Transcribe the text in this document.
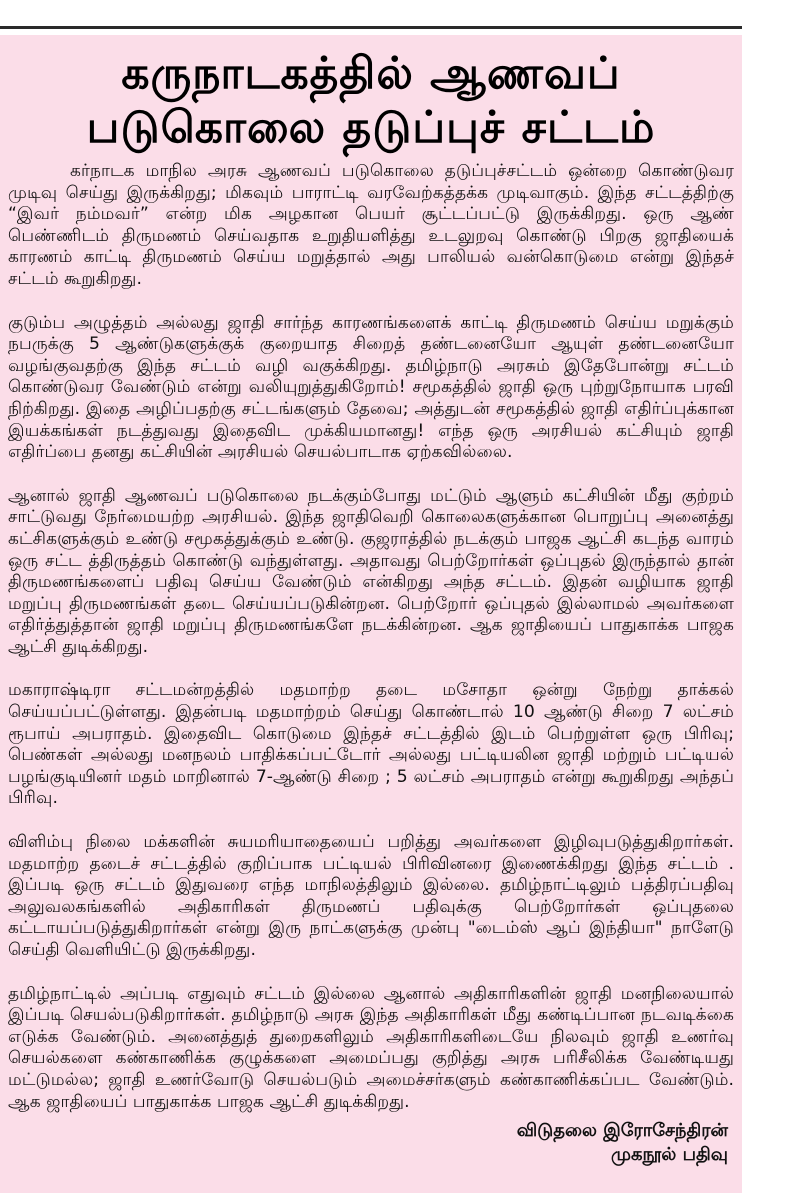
கருநாடகத்தில் ஆணவப்
படுகொலை தடுப்புச் சட்டம்

கர்நாடக மாநில அரசு ஆணவப் படுகொலை தடுப்புச்சட்டம் ஒன்றை கொண்டுவர முடிவு செய்து இருக்கிறது; மிகவும் பாராட்டி வரவேற்கத்தக்க முடிவாகும். இந்த சட்டத்திற்கு “இவர் நம்மவர்” என்ற மிக அழகான பெயர் சூட்டப்பட்டு இருக்கிறது. ஒரு ஆண் பெண்ணிடம் திருமணம் செய்வதாக உறுதியளித்து உடலுறவு கொண்டு பிறகு ஜாதியைக் காரணம் காட்டி திருமணம் செய்ய மறுத்தால் அது பாலியல் வன்கொடுமை என்று இந்தச் சட்டம் கூறுகிறது.

குடும்ப அழுத்தம் அல்லது ஜாதி சார்ந்த காரணங்களைக் காட்டி திருமணம் செய்ய மறுக்கும் நபருக்கு 5 ஆண்டுகளுக்குக் குறையாத சிறைத் தண்டனையோ ஆயுள் தண்டனையோ வழங்குவதற்கு இந்த சட்டம் வழி வகுக்கிறது. தமிழ்நாடு அரசும் இதேபோன்று சட்டம் கொண்டுவர வேண்டும் என்று வலியுறுத்துகிறோம்! சமூகத்தில் ஜாதி ஒரு புற்றுநோயாக பரவி நிற்கிறது. இதை அழிப்பதற்கு சட்டங்களும் தேவை; அத்துடன் சமூகத்தில் ஜாதி எதிர்ப்புக்கான இயக்கங்கள் நடத்துவது இதைவிட முக்கியமானது! எந்த ஒரு அரசியல் கட்சியும் ஜாதி எதிர்ப்பை தனது கட்சியின் அரசியல் செயல்பாடாக ஏற்கவில்லை.

ஆனால் ஜாதி ஆணவப் படுகொலை நடக்கும்போது மட்டும் ஆளும் கட்சியின் மீது குற்றம் சாட்டுவது நேர்மையற்ற அரசியல். இந்த ஜாதிவெறி கொலைகளுக்கான பொறுப்பு அனைத்து கட்சிகளுக்கும் உண்டு சமூகத்துக்கும் உண்டு. குஜராத்தில் நடக்கும் பாஜக ஆட்சி கடந்த வாரம் ஒரு சட்ட த்திருத்தம் கொண்டு வந்துள்ளது. அதாவது பெற்றோர்கள் ஒப்புதல் இருந்தால் தான் திருமணங்களைப் பதிவு செய்ய வேண்டும் என்கிறது அந்த சட்டம். இதன் வழியாக ஜாதி மறுப்பு திருமணங்கள் தடை செய்யப்படுகின்றன. பெற்றோர் ஒப்புதல் இல்லாமல் அவர்களை எதிர்த்துத்தான் ஜாதி மறுப்பு திருமணங்களே நடக்கின்றன. ஆக ஜாதியைப் பாதுகாக்க பாஜக ஆட்சி துடிக்கிறது.

மகாராஷ்டிரா சட்டமன்றத்தில் மதமாற்ற தடை மசோதா ஒன்று நேற்று தாக்கல் செய்யப்பட்டுள்ளது. இதன்படி மதமாற்றம் செய்து கொண்டால் 10 ஆண்டு சிறை 7 லட்சம் ரூபாய் அபராதம். இதைவிட கொடுமை இந்தச் சட்டத்தில் இடம் பெற்றுள்ள ஒரு பிரிவு; பெண்கள் அல்லது மனநலம் பாதிக்கப்பட்டோர் அல்லது பட்டியலின ஜாதி மற்றும் பட்டியல் பழங்குடியினர் மதம் மாறினால் 7-ஆண்டு சிறை ; 5 லட்சம் அபராதம் என்று கூறுகிறது அந்தப் பிரிவு.

விளிம்பு நிலை மக்களின் சுயமரியாதையைப் பறித்து அவர்களை இழிவுபடுத்துகிறார்கள். மதமாற்ற தடைச் சட்டத்தில் குறிப்பாக பட்டியல் பிரிவினரை இணைக்கிறது இந்த சட்டம் . இப்படி ஒரு சட்டம் இதுவரை எந்த மாநிலத்திலும் இல்லை. தமிழ்நாட்டிலும் பத்திரப்பதிவு அலுவலகங்களில் அதிகாரிகள் திருமணப் பதிவுக்கு பெற்றோர்கள் ஒப்புதலை கட்டாயப்படுத்துகிறார்கள் என்று இரு நாட்களுக்கு முன்பு "டைம்ஸ் ஆப் இந்தியா" நாளேடு செய்தி வெளியிட்டு இருக்கிறது.

தமிழ்நாட்டில் அப்படி எதுவும் சட்டம் இல்லை ஆனால் அதிகாரிகளின் ஜாதி மனநிலையால் இப்படி செயல்படுகிறார்கள். தமிழ்நாடு அரசு இந்த அதிகாரிகள் மீது கண்டிப்பான நடவடிக்கை எடுக்க வேண்டும். அனைத்துத் துறைகளிலும் அதிகாரிகளிடையே நிலவும் ஜாதி உணர்வு செயல்களை கண்காணிக்க குழுக்களை அமைப்பது குறித்து அரசு பரிசீலிக்க வேண்டியது மட்டுமல்ல; ஜாதி உணர்வோடு செயல்படும் அமைச்சர்களும் கண்காணிக்கப்பட வேண்டும். ஆக ஜாதியைப் பாதுகாக்க பாஜக ஆட்சி துடிக்கிறது.

விடுதலை இரோசேந்திரன்
முகநூல் பதிவு
